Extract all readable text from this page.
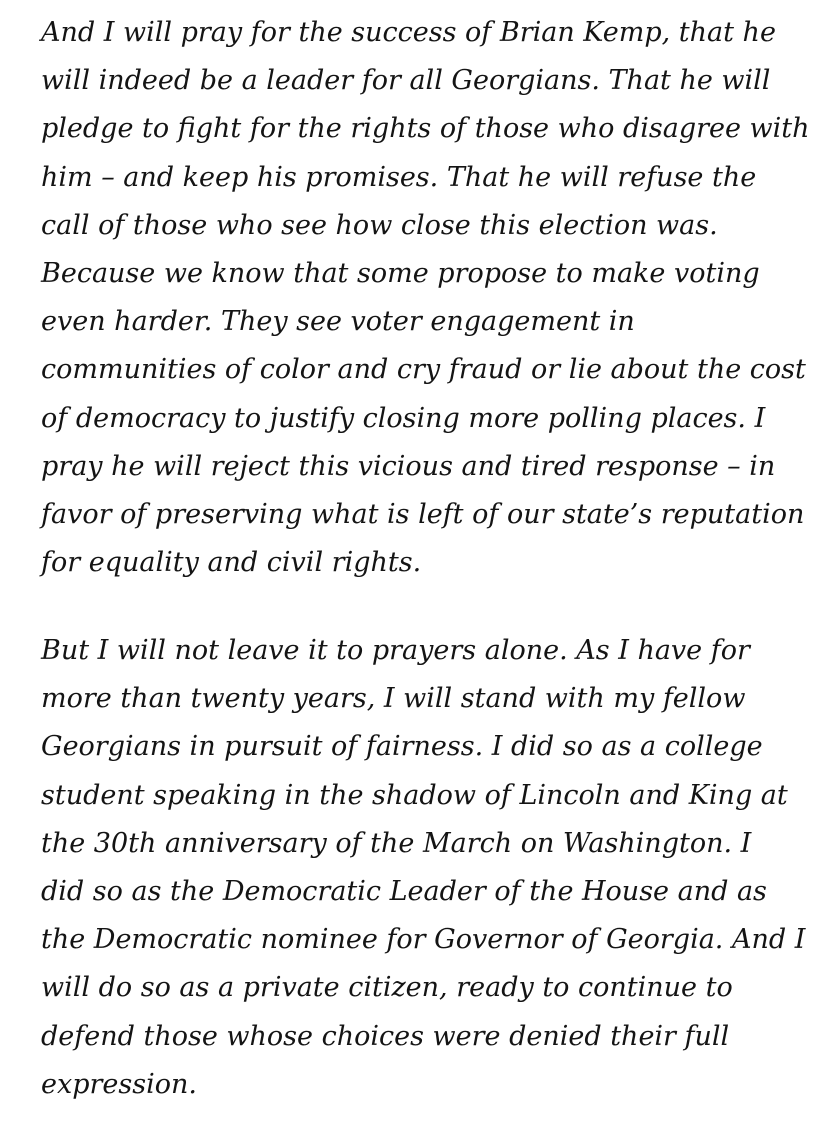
And I will pray for the success of Brian Kemp, that he
will indeed be a leader for all Georgians. That he will
pledge to fight for the rights of those who disagree with
him – and keep his promises. That he will refuse the
call of those who see how close this election was.
Because we know that some propose to make voting
even harder. They see voter engagement in
communities of color and cry fraud or lie about the cost
of democracy to justify closing more polling places. I
pray he will reject this vicious and tired response – in
favor of preserving what is left of our state’s reputation
for equality and civil rights.

But I will not leave it to prayers alone. As I have for
more than twenty years, I will stand with my fellow
Georgians in pursuit of fairness. I did so as a college
student speaking in the shadow of Lincoln and King at
the 30th anniversary of the March on Washington. I
did so as the Democratic Leader of the House and as
the Democratic nominee for Governor of Georgia. And I
will do so as a private citizen, ready to continue to
defend those whose choices were denied their full
expression.
